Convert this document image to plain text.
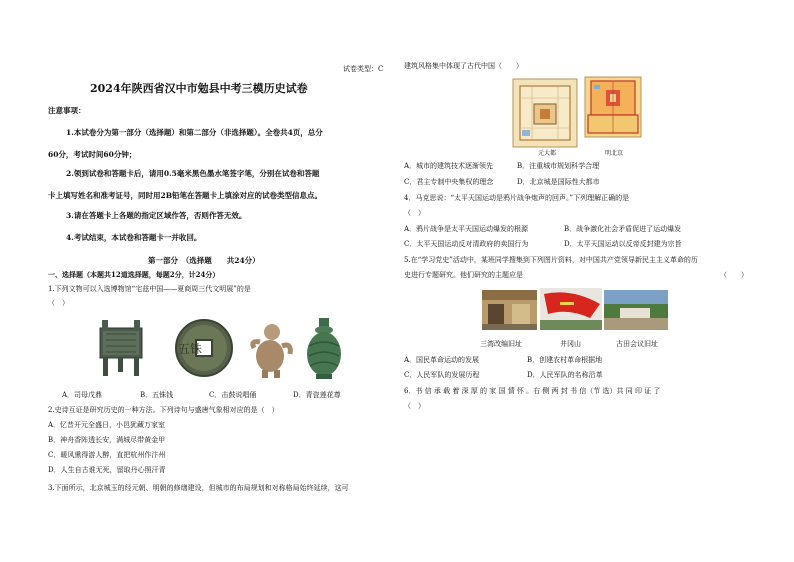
试卷类型：C
2024年陕西省汉中市勉县中考三模历史试卷
注意事项：
1.本试卷分为第一部分（选择题）和第二部分（非选择题）。全卷共4页，总分
60分，考试时间60分钟；
2.领到试卷和答题卡后，请用0.5毫米黑色墨水笔签字笔，分别在试卷和答题
卡上填写姓名和准考证号，同时用2B铅笔在答题卡上填涂对应的试卷类型信息点。
3.请在答题卡上各题的指定区域作答，否则作答无效。
4.考试结束，本试卷和答题卡一并收回。
第一部分　（选择题　　共24分）
一、选择题（本题共12道选择题，每题2分，计24分）
1.下列文物可以入选博物馆“宅兹中国——夏商周三代文明展”的是
（　）
五铢
A．司母戊鼎	B．五铢钱	C．击鼓说唱俑	D．青瓷莲花尊
2.史诗互证是研究历史的一种方法。下列诗句与盛唐气象相对应的是（　）
A．忆昔开元全盛日，小邑犹藏万家室
B．神舟香阵透长安，满城尽带黄金甲
C．暖风熏得游人醉，直把杭州作汴州
D．人生自古谁无死，留取丹心照汗青
3.下面所示，北京城玉的经元朝、明朝的修缮建设，但城市的布局规划和对称格局始终延续，这可
建筑风格集中体现了古代中国（　　）
元大都	明北京
A．城市的建筑技术逐渐领先	B．注重城市规划科学合理
C．君主专制中央集权的理念	D．北京城是国际性大都市
4．马克思说：“太平天国运动是鸦片战争炮声的回声。”下列理解正确的是
（　）
A．鸦片战争是太平天国运动爆发的根源	B．战争激化社会矛盾促进了运动爆发
C．太平天国运动反对清政府的卖国行为	D．太平天国运动以反帝反封建为宗旨
5.在“学习党史”活动中，某班同学搜集到下列图片资料，对中国共产党领导新民主主义革命的历
史进行专题研究。他们研究的主题应是	（　　）
三湾改编旧址	井冈山	古田会议旧址
A．国民革命运动的发展	B．创建农村革命根据地
C．人民军队的发展历程	D．人民军队的名称沿革
6．书 信 承 载 着 深 厚 的 家 国 情 怀 。右 侧 两 封 书 信（节 选）共 同 印 证 了
（　）
